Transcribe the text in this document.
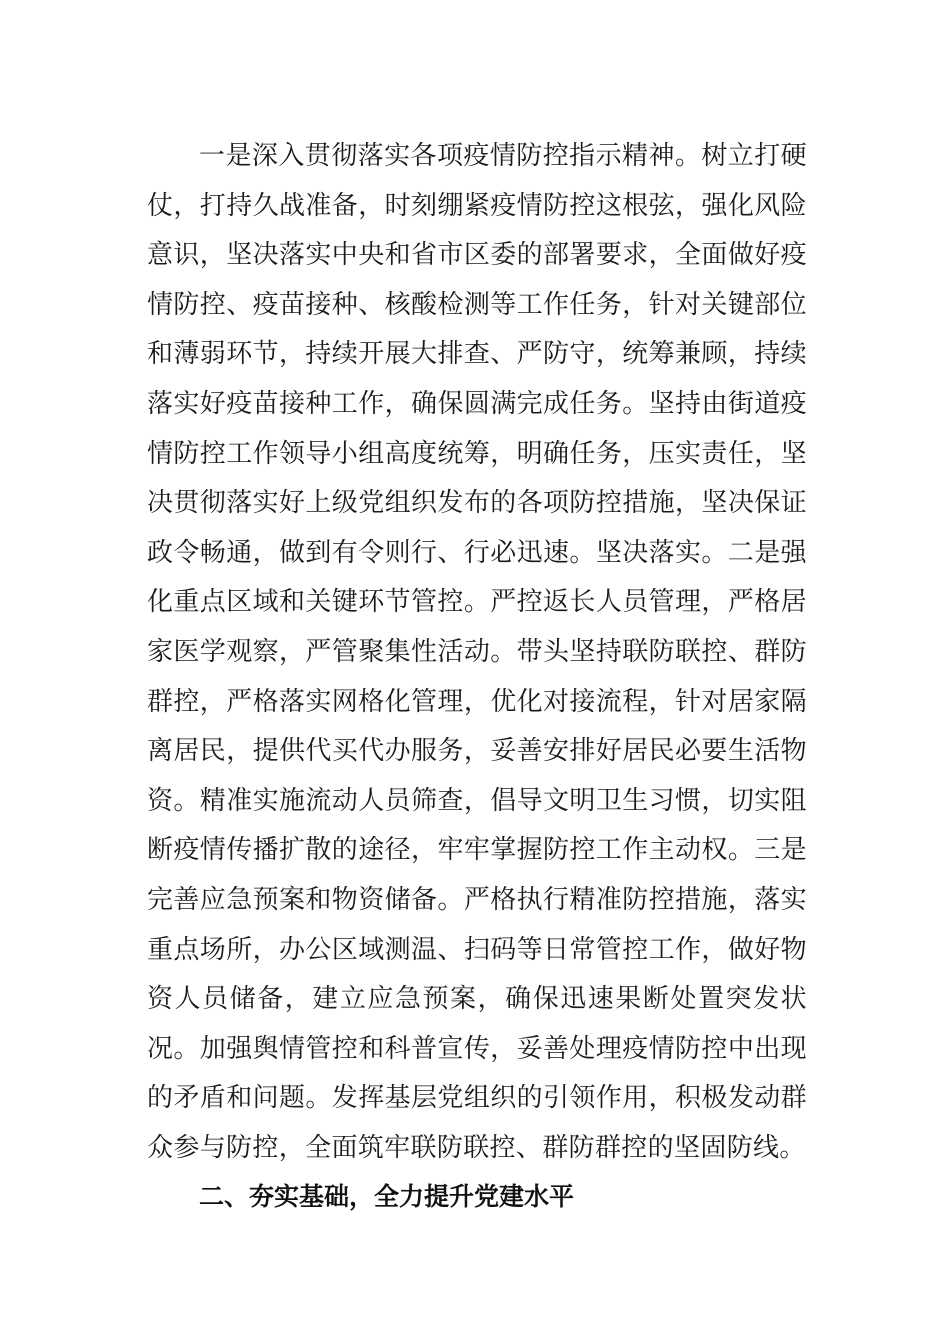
一是深入贯彻落实各项疫情防控指示精神。树立打硬
仗，打持久战准备，时刻绷紧疫情防控这根弦，强化风险
意识，坚决落实中央和省市区委的部署要求，全面做好疫
情防控、疫苗接种、核酸检测等工作任务，针对关键部位
和薄弱环节，持续开展大排查、严防守，统筹兼顾，持续
落实好疫苗接种工作，确保圆满完成任务。坚持由街道疫
情防控工作领导小组高度统筹，明确任务，压实责任，坚
决贯彻落实好上级党组织发布的各项防控措施，坚决保证
政令畅通，做到有令则行、行必迅速。坚决落实。二是强
化重点区域和关键环节管控。严控返长人员管理，严格居
家医学观察，严管聚集性活动。带头坚持联防联控、群防
群控，严格落实网格化管理，优化对接流程，针对居家隔
离居民，提供代买代办服务，妥善安排好居民必要生活物
资。精准实施流动人员筛查，倡导文明卫生习惯，切实阻
断疫情传播扩散的途径，牢牢掌握防控工作主动权。三是
完善应急预案和物资储备。严格执行精准防控措施，落实
重点场所，办公区域测温、扫码等日常管控工作，做好物
资人员储备，建立应急预案，确保迅速果断处置突发状
况。加强舆情管控和科普宣传，妥善处理疫情防控中出现
的矛盾和问题。发挥基层党组织的引领作用，积极发动群
众参与防控，全面筑牢联防联控、群防群控的坚固防线。
二、夯实基础，全力提升党建水平
